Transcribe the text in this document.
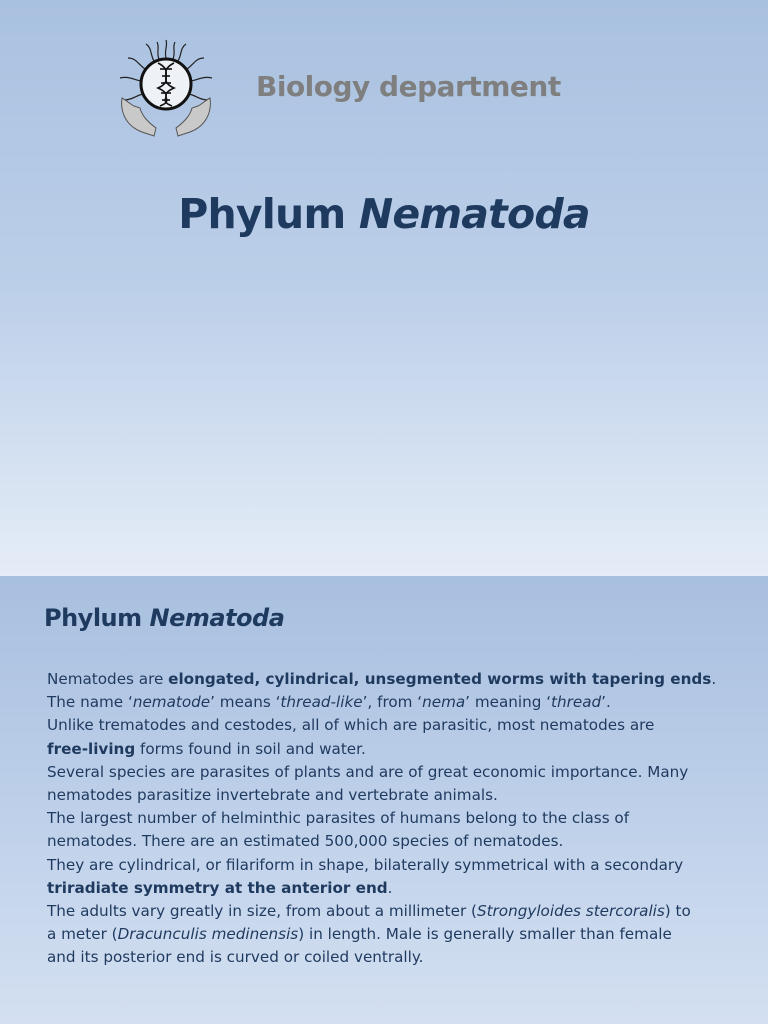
Biology department
Phylum Nematoda
Phylum Nematoda

Nematodes are elongated, cylindrical, unsegmented worms with tapering ends.

The name ‘nematode’ means ‘thread-like’, from ‘nema’ meaning ‘thread’.

Unlike trematodes and cestodes, all of which are parasitic, most nematodes are

free-living forms found in soil and water.

Several species are parasites of plants and are of great economic importance. Many

nematodes parasitize invertebrate and vertebrate animals.

The largest number of helminthic parasites of humans belong to the class of

nematodes. There are an estimated 500,000 species of nematodes.

They are cylindrical, or filariform in shape, bilaterally symmetrical with a secondary

triradiate symmetry at the anterior end.

The adults vary greatly in size, from about a millimeter (Strongyloides stercoralis) to

a meter (Dracunculis medinensis) in length. Male is generally smaller than female

and its posterior end is curved or coiled ventrally.
